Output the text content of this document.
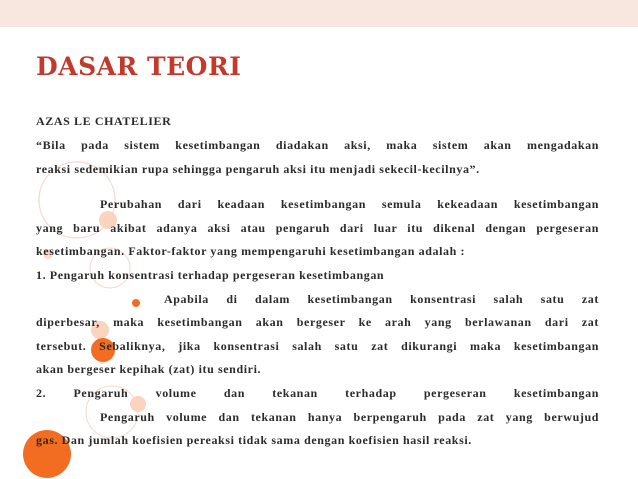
DASAR TEORI
AZAS LE CHATELIER
“Bila pada sistem kesetimbangan diadakan aksi, maka sistem akan mengadakan
reaksi sedemikian rupa sehingga pengaruh aksi itu menjadi sekecil-kecilnya”.
Perubahan dari keadaan kesetimbangan semula kekeadaan kesetimbangan
yang baru akibat adanya aksi atau pengaruh dari luar itu dikenal dengan pergeseran
kesetimbangan. Faktor-faktor yang mempengaruhi kesetimbangan adalah :
1. Pengaruh konsentrasi terhadap pergeseran kesetimbangan
Apabila di dalam kesetimbangan konsentrasi salah satu zat
diperbesar, maka kesetimbangan akan bergeser ke arah yang berlawanan dari zat
tersebut. Sebaliknya, jika konsentrasi salah satu zat dikurangi maka kesetimbangan
akan bergeser kepihak (zat) itu sendiri.
2. Pengaruh volume dan tekanan terhadap pergeseran kesetimbangan
Pengaruh volume dan tekanan hanya berpengaruh pada zat yang berwujud
gas. Dan jumlah koefisien pereaksi tidak sama dengan koefisien hasil reaksi.
